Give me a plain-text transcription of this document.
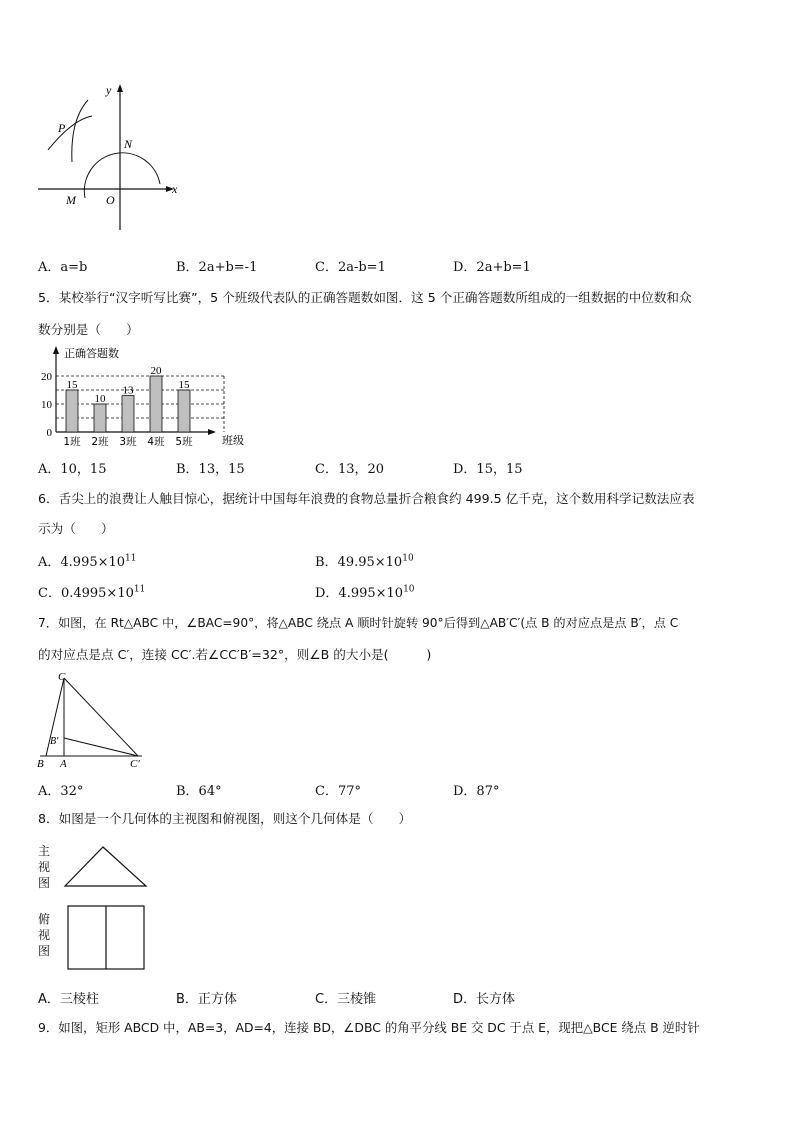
y
x
P
N
M	O
A．a=b	B．2a+b=-1	C．2a-b=1	D．2a+b=1
5．某校举行“汉字听写比赛”，5 个班级代表队的正确答题数如图．这 5 个正确答题数所组成的一组数据的中位数和众
数分别是（　　）
15
10
13
20
15
0
10
20
1班 2班 3班 4班 5班
正确答题数
班级
A．10，15	B．13，15	C．13，20	D．15，15
6．舌尖上的浪费让人触目惊心，据统计中国每年浪费的食物总量折合粮食约 499.5 亿千克，这个数用科学记数法应表
示为（　　）
A．$4.995\times 10^{11}$	B．$49.95\times 10^{10}$
C．$0.4995\times 10^{11}$	D．$4.995\times 10^{10}$
7．如图，在 Rt△ABC 中，∠BAC=90°，将△ABC 绕点 A 顺时针旋转 90°后得到△AB′C′(点 B 的对应点是点 B′，点 C
的对应点是点 C′，连接 CC′.若∠CC′B′=32°，则∠B 的大小是(　　　)
C
B′
B A	C′
A．32°	B．64°	C．77°	D．87°
8．如图是一个几何体的主视图和俯视图，则这个几何体是（　　）
主
视
图
俯
视
图
A．三棱柱	B．正方体	C．三棱锥	D．长方体
9．如图，矩形 ABCD 中，AB=3，AD=4，连接 BD，∠DBC 的角平分线 BE 交 DC 于点 E，现把△BCE 绕点 B 逆时针
